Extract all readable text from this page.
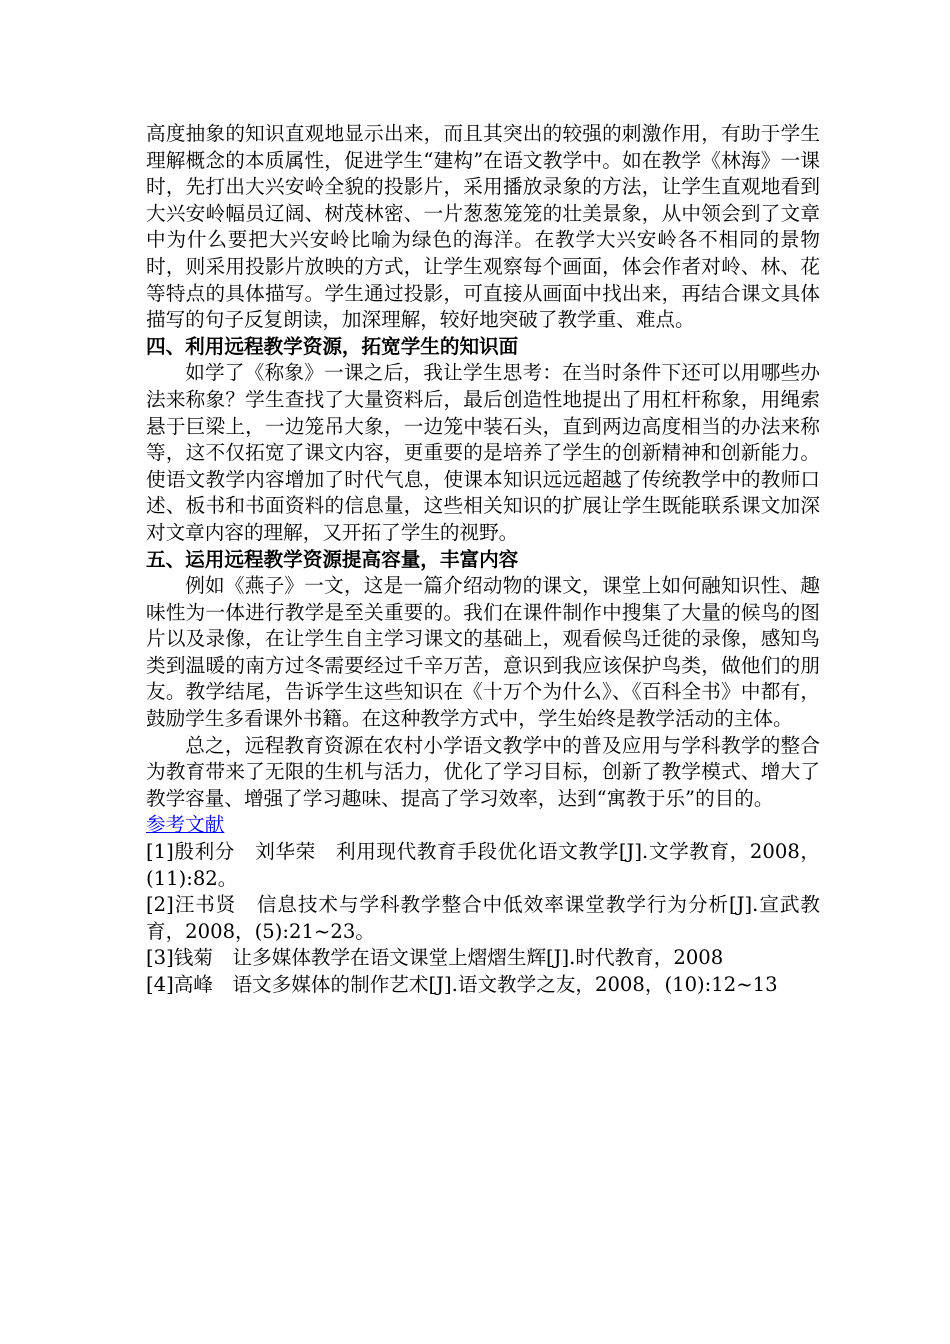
高度抽象的知识直观地显示出来，而且其突出的较强的刺激作用，有助于学生理解概念的本质属性，促进学生“建构”在语文教学中。如在教学《林海》一课时，先打出大兴安岭全貌的投影片，采用播放录象的方法，让学生直观地看到大兴安岭幅员辽阔、树茂林密、一片葱葱笼笼的壮美景象，从中领会到了文章中为什么要把大兴安岭比喻为绿色的海洋。在教学大兴安岭各不相同的景物时，则采用投影片放映的方式，让学生观察每个画面，体会作者对岭、林、花等特点的具体描写。学生通过投影，可直接从画面中找出来，再结合课文具体描写的句子反复朗读，加深理解，较好地突破了教学重、难点。

四、利用远程教学资源，拓宽学生的知识面

如学了《称象》一课之后，我让学生思考：在当时条件下还可以用哪些办法来称象？学生查找了大量资料后，最后创造性地提出了用杠杆称象，用绳索悬于巨梁上，一边笼吊大象，一边笼中装石头，直到两边高度相当的办法来称等，这不仅拓宽了课文内容，更重要的是培养了学生的创新精神和创新能力。使语文教学内容增加了时代气息，使课本知识远远超越了传统教学中的教师口述、板书和书面资料的信息量，这些相关知识的扩展让学生既能联系课文加深对文章内容的理解，又开拓了学生的视野。

五、运用远程教学资源提高容量，丰富内容

例如《燕子》一文，这是一篇介绍动物的课文，课堂上如何融知识性、趣味性为一体进行教学是至关重要的。我们在课件制作中搜集了大量的候鸟的图片以及录像，在让学生自主学习课文的基础上，观看候鸟迁徙的录像，感知鸟类到温暖的南方过冬需要经过千辛万苦，意识到我应该保护鸟类，做他们的朋友。教学结尾，告诉学生这些知识在《十万个为什么》、《百科全书》中都有，鼓励学生多看课外书籍。在这种教学方式中，学生始终是教学活动的主体。

总之，远程教育资源在农村小学语文教学中的普及应用与学科教学的整合为教育带来了无限的生机与活力，优化了学习目标，创新了教学模式、增大了教学容量、增强了学习趣味、提高了学习效率，达到“寓教于乐”的目的。

参考文献

[1]殷利分　刘华荣　利用现代教育手段优化语文教学[J].文学教育，2008，(11):82。

[2]汪书贤　信息技术与学科教学整合中低效率课堂教学行为分析[J].宣武教育，2008，(5):21~23。

[3]钱菊　让多媒体教学在语文课堂上熠熠生辉[J].时代教育，2008

[4]高峰　语文多媒体的制作艺术[J].语文教学之友，2008，(10):12~13
